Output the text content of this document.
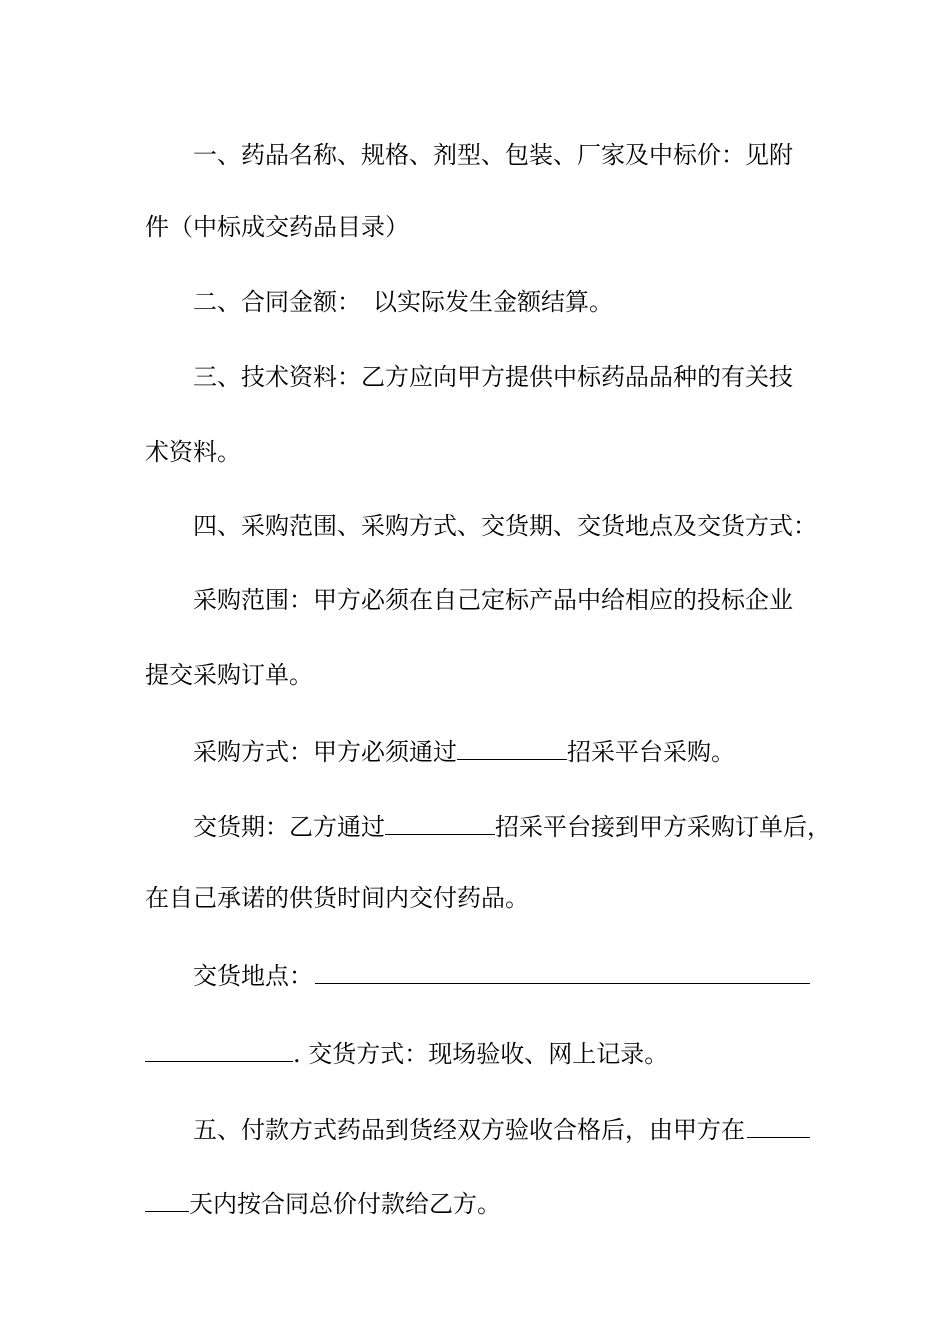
一、药品名称、规格、剂型、包装、厂家及中标价：见附
件（中标成交药品目录）
二、合同金额：　以实际发生金额结算。
三、技术资料：乙方应向甲方提供中标药品品种的有关技
术资料。
四、采购范围、采购方式、交货期、交货地点及交货方式：
采购范围：甲方必须在自己定标产品中给相应的投标企业
提交采购订单。
采购方式：甲方必须通过	招采平台采购。
交货期：乙方通过	招采平台接到甲方采购订单后，
在自己承诺的供货时间内交付药品。
交货地点：
. 交货方式：现场验收、网上记录。
五、付款方式药品到货经双方验收合格后，由甲方在
天内按合同总价付款给乙方。
